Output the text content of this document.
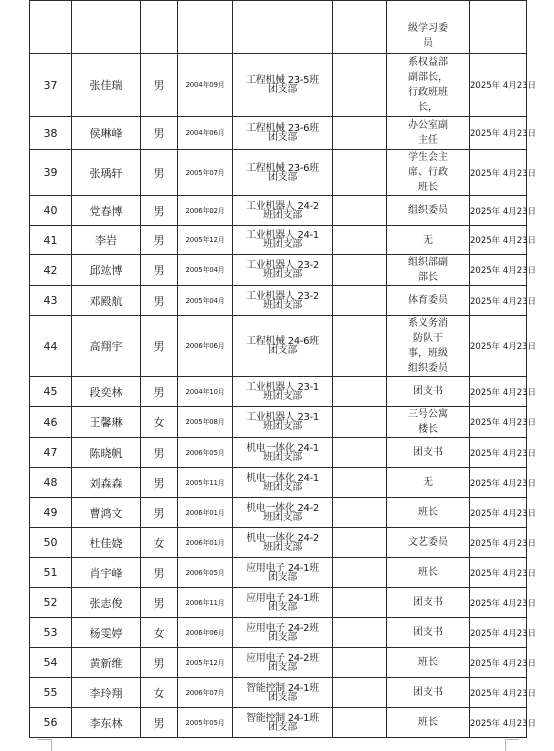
						级学习委
员		

37	张佳瑞	男	2004年09月	工程机械 23-5班
团支部		系权益部
副部长，
行政班班
长，	2025年 4月23日	
38	侯琳峰	男	2004年06月	工程机械 23-6班
团支部		办公室副
主任	2025年 4月23日	
39	张瑀轩	男	2005年07月	工程机械 23-6班
团支部		学生会主
席、行政
班长	2025年 4月23日	
40	党春博	男	2006年02月	工业机器人 24-2
班团支部		组织委员	2025年 4月23日	
41	李岩	男	2005年12月	工业机器人 24-1
班团支部		无	2025年 4月23日	
42	邱竑博	男	2005年04月	工业机器人 23-2
班团支部		组织部副
部长	2025年 4月23日	
43	邓殿航	男	2005年04月	工业机器人 23-2
班团支部		体育委员	2025年 4月23日	
44	高翔宇	男	2006年06月	工程机械 24-6班
团支部		系义务消
防队干
事，班级
组织委员	2025年 4月23日	
45	段奕林	男	2004年10月	工业机器人 23-1
班团支部		团支书	2025年 4月23日	
46	王馨琳	女	2005年08月	工业机器人 23-1
班团支部		三号公寓
楼长	2025年 4月23日	
47	陈晓帆	男	2006年05月	机电一体化 24-1
班团支部		团支书	2025年 4月23日	
48	刘森森	男	2005年11月	机电一体化 24-1
班团支部		无	2025年 4月23日	
49	曹鸿文	男	2006年01月	机电一体化 24-2
班团支部		班长	2025年 4月23日	
50	杜佳娆	女	2006年01月	机电一体化 24-2
班团支部		文艺委员	2025年 4月23日	
51	肖宇峰	男	2006年05月	应用电子 24-1班
团支部		班长	2025年 4月23日	
52	张志俊	男	2006年11月	应用电子 24-1班
团支部		团支书	2025年 4月23日	
53	杨雯婷	女	2006年06月	应用电子 24-2班
团支部		团支书	2025年 4月23日	
54	黄新维	男	2005年12月	应用电子 24-2班
团支部		班长	2025年 4月23日	
55	李玲翔	女	2006年07月	智能控制 24-1班
团支部		团支书	2025年 4月23日	
56	李东林	男	2005年05月	智能控制 24-1班
团支部		班长	2025年 4月23日	
